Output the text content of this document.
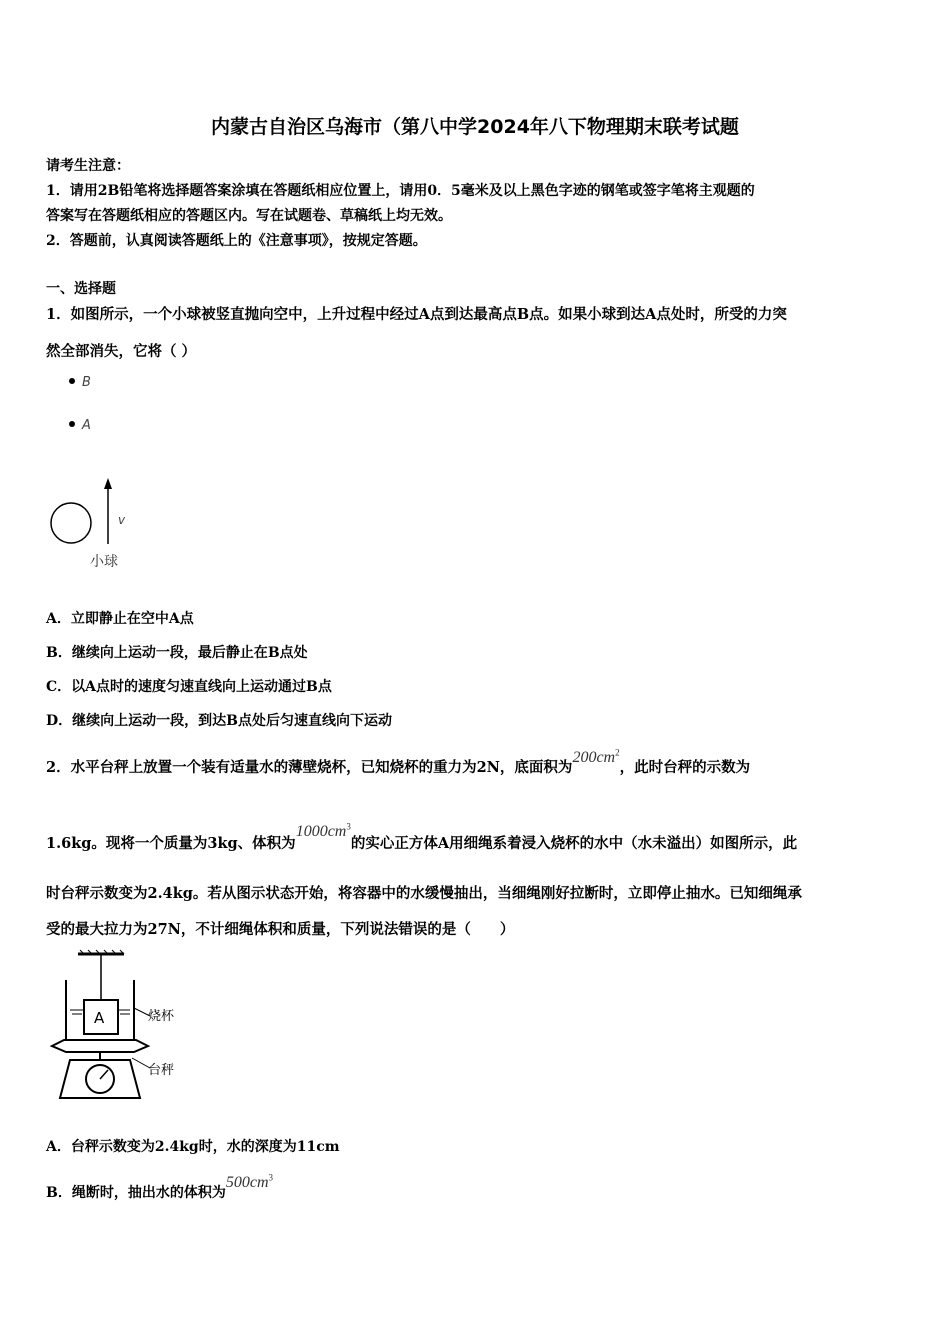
内蒙古自治区乌海市（第八中学2024年八下物理期末联考试题
请考生注意：
1．请用2B铅笔将选择题答案涂填在答题纸相应位置上，请用0．5毫米及以上黑色字迹的钢笔或签字笔将主观题的
答案写在答题纸相应的答题区内。写在试题卷、草稿纸上均无效。
2．答题前，认真阅读答题纸上的《注意事项》，按规定答题。
一、选择题
1．如图所示，一个小球被竖直抛向空中，上升过程中经过A点到达最高点B点。如果小球到达A点处时，所受的力突
然全部消失，它将（ ）
B
A
v
小球
A．立即静止在空中A点
B．继续向上运动一段，最后静止在B点处
C．以A点时的速度匀速直线向上运动通过B点
D．继续向上运动一段，到达B点处后匀速直线向下运动
2．水平台秤上放置一个装有适量水的薄壁烧杯，已知烧杯的重力为2N，底面积为$200cm^2$，此时台秤的示数为
1.6kg。现将一个质量为3kg、体积为$1000cm^3$的实心正方体A用细绳系着浸入烧杯的水中（水未溢出）如图所示，此
时台秤示数变为2.4kg。若从图示状态开始，将容器中的水缓慢抽出，当细绳刚好拉断时，立即停止抽水。已知细绳承
受的最大拉力为27N，不计细绳体积和质量，下列说法错误的是（　　）
A	烧杯
台秤
A．台秤示数变为2.4kg时，水的深度为11cm
B．绳断时，抽出水的体积为$500cm^3$
